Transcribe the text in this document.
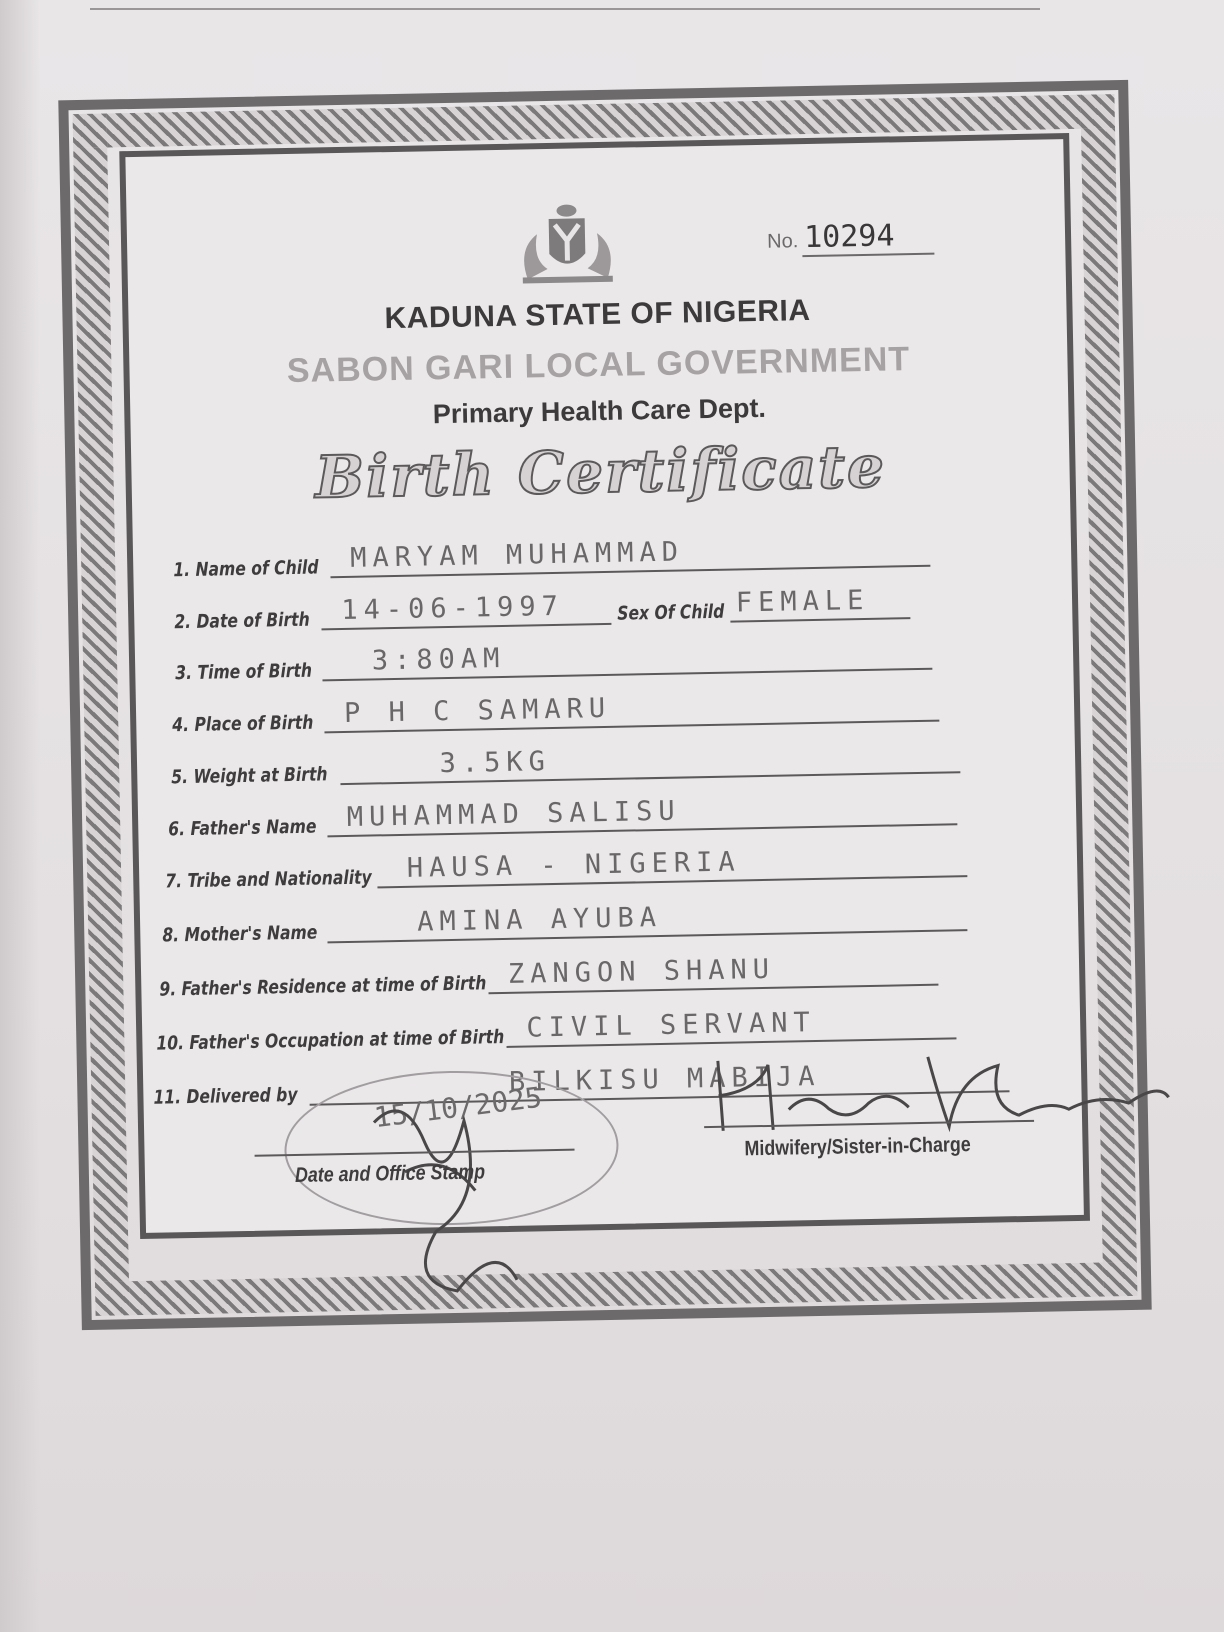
No. 10294
KADUNA STATE OF NIGERIA
SABON GARI LOCAL GOVERNMENT
Primary Health Care Dept.
Birth Certificate
1. Name of Child MARYAM MUHAMMAD
2. Date of Birth 14-06-1997	Sex Of Child FEMALE
3. Time of Birth 3:80AM
4. Place of Birth P H C SAMARU
5. Weight at Birth	3.5KG
6. Father's Name MUHAMMAD SALISU
7. Tribe and Nationality HAUSA - NIGERIA
8. Mother's Name	AMINA AYUBA
9. Father's Residence at time of Birth ZANGON SHANU
10. Father's Occupation at time of Birth CIVIL SERVANT
11. Delivered by	BILKISU MABIJA
15/10/2025
Date and Office Stamp
Midwifery/Sister-in-Charge
